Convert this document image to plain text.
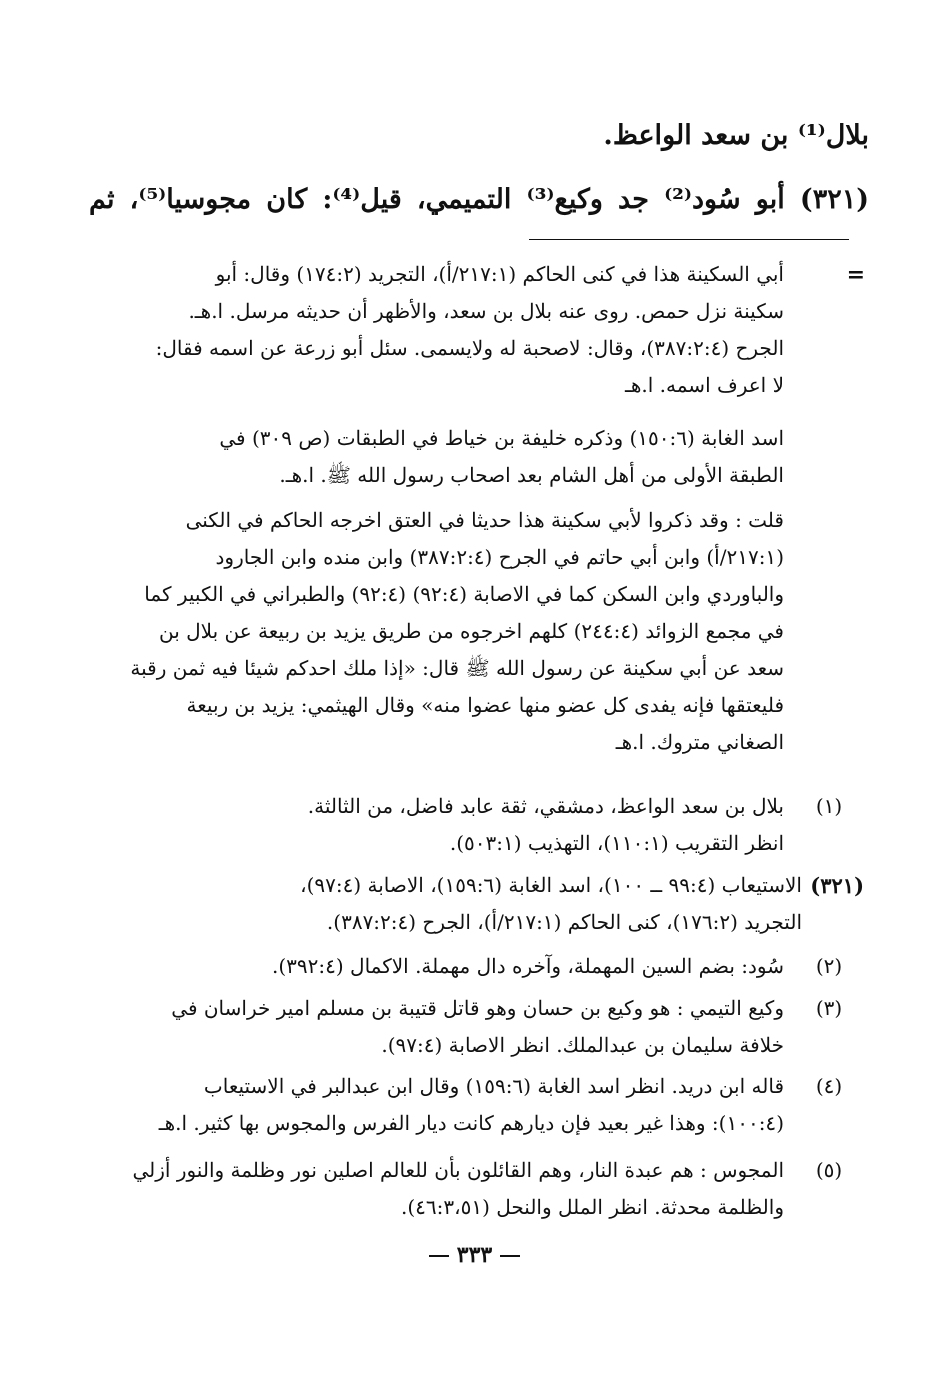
بلال⁽¹⁾ بن سعد الواعظ.
(٣٢١) أبو سُود⁽²⁾ جد وكيع⁽³⁾ التميمي، قيل⁽⁴⁾: كان مجوسيا⁽⁵⁾، ثم
=

أبي السكينة هذا في كنى الحاكم (٢١٧:١/أ)، التجريد (١٧٤:٢) وقال: أبو

سكينة نزل حمص. روى عنه بلال بن سعد، والأظهر أن حديثه مرسل. ا.هـ.

الجرح (٣٨٧:٢:٤)، وقال: لاصحبة له ولايسمى. سئل أبو زرعة عن اسمه فقال:

لا اعرف اسمه. ا.هـ

اسد الغابة (١٥٠:٦) وذكره خليفة بن خياط في الطبقات (ص ٣٠٩) في

الطبقة الأولى من أهل الشام بعد اصحاب رسول الله ﷺ. ا.هـ.

قلت : وقد ذكروا لأبي سكينة هذا حديثا في العتق اخرجه الحاكم في الكنى

(٢١٧:١/أ) وابن أبي حاتم في الجرح (٣٨٧:٢:٤) وابن منده وابن الجارود

والباوردي وابن السكن كما في الاصابة (٩٢:٤) (٩٢:٤) والطبراني في الكبير كما

في مجمع الزوائد (٢٤٤:٤) كلهم اخرجوه من طريق يزيد بن ربيعة عن بلال بن

سعد عن أبي سكينة عن رسول الله ﷺ قال: «إذا ملك احدكم شيئا فيه ثمن رقبة

فليعتقها فإنه يفدى كل عضو منها عضوا منه» وقال الهيثمي: يزيد بن ربيعة

الصغاني متروك. ا.هـ

(١)

بلال بن سعد الواعظ، دمشقي، ثقة عابد فاضل، من الثالثة.

انظر التقريب (١١٠:١)، التهذيب (٥٠٣:١).

(٣٢١)

الاستيعاب (٩٩:٤ ــ ١٠٠)، اسد الغابة (١٥٩:٦)، الاصابة (٩٧:٤)،

التجريد (١٧٦:٢)، كنى الحاكم (٢١٧:١/أ)، الجرح (٣٨٧:٢:٤).

(٢)

سُود: بضم السين المهملة، وآخره دال مهملة. الاكمال (٣٩٢:٤).

(٣)

وكيع التيمي : هو وكيع بن حسان وهو قاتل قتيبة بن مسلم امير خراسان في

خلافة سليمان بن عبدالملك. انظر الاصابة (٩٧:٤).

(٤)

قاله ابن دريد. انظر اسد الغابة (١٥٩:٦) وقال ابن عبدالبر في الاستيعاب

(١٠٠:٤): وهذا غير بعيد فإن ديارهم كانت ديار الفرس والمجوس بها كثير. ا.هـ

(٥)

المجوس : هم عبدة النار، وهم القائلون بأن للعالم اصلين نور وظلمة والنور أزلي

والظلمة محدثة. انظر الملل والنحل (٤٦:٣،٥١).

٣٣٣
